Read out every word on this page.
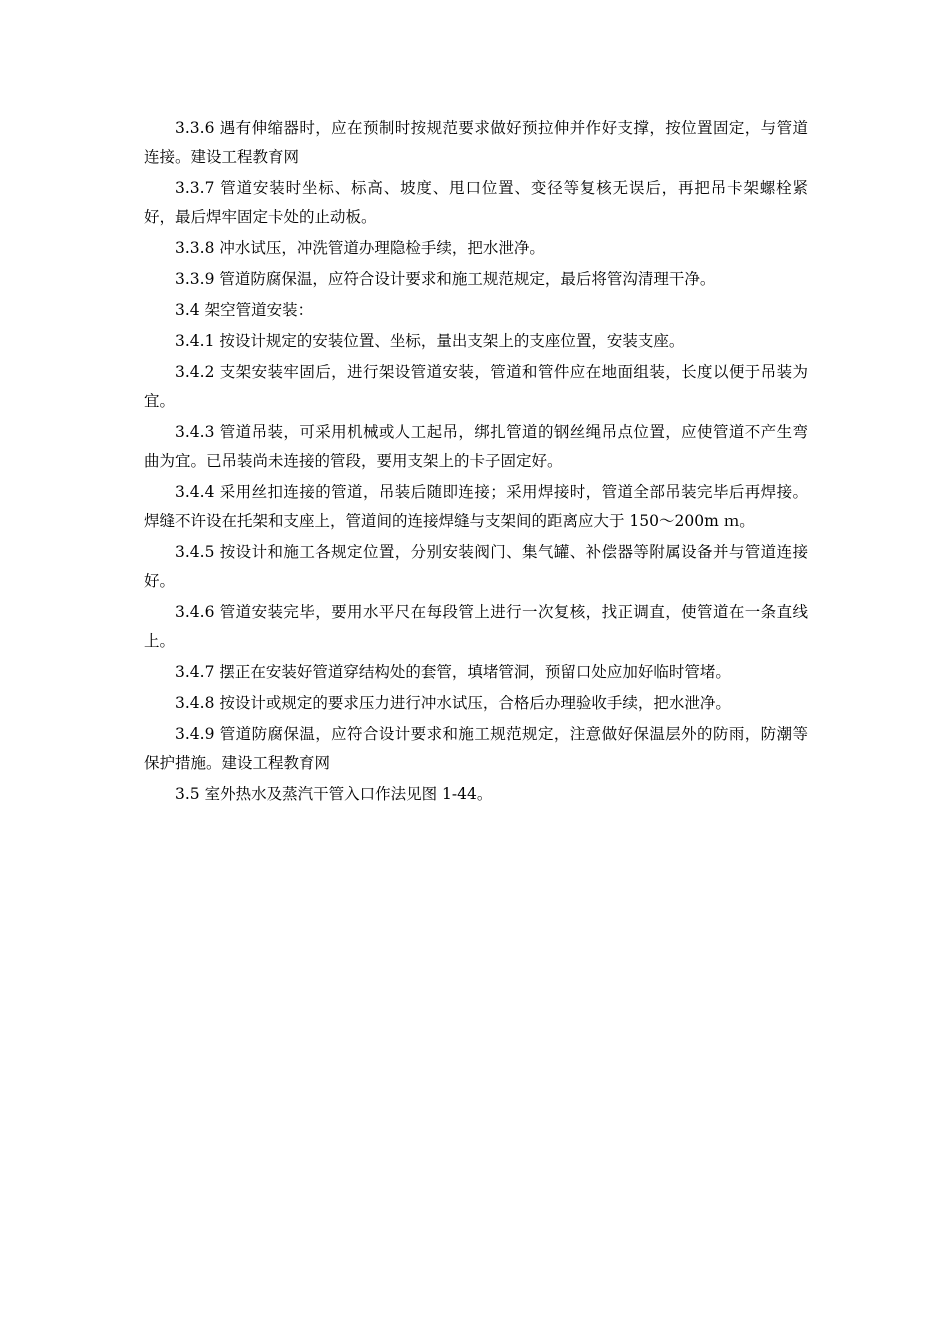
3.3.6 遇有伸缩器时，应在预制时按规范要求做好预拉伸并作好支撑，按位置固定，与管道连接。建设工程教育网

3.3.7 管道安装时坐标、标高、坡度、甩口位置、变径等复核无误后，再把吊卡架螺栓紧好，最后焊牢固定卡处的止动板。

3.3.8 冲水试压，冲洗管道办理隐检手续，把水泄净。

3.3.9 管道防腐保温，应符合设计要求和施工规范规定，最后将管沟清理干净。

3.4 架空管道安装：

3.4.1 按设计规定的安装位置、坐标，量出支架上的支座位置，安装支座。

3.4.2 支架安装牢固后，进行架设管道安装，管道和管件应在地面组装，长度以便于吊装为宜。

3.4.3 管道吊装，可采用机械或人工起吊，绑扎管道的钢丝绳吊点位置，应使管道不产生弯曲为宜。已吊装尚未连接的管段，要用支架上的卡子固定好。

3.4.4 采用丝扣连接的管道，吊装后随即连接；采用焊接时，管道全部吊装完毕后再焊接。焊缝不许设在托架和支座上，管道间的连接焊缝与支架间的距离应大于 150～200m ｍ。

3.4.5 按设计和施工各规定位置，分别安装阀门、集气罐、补偿器等附属设备并与管道连接好。

3.4.6 管道安装完毕，要用水平尺在每段管上进行一次复核，找正调直，使管道在一条直线上。

3.4.7 摆正在安装好管道穿结构处的套管，填堵管洞，预留口处应加好临时管堵。

3.4.8 按设计或规定的要求压力进行冲水试压，合格后办理验收手续，把水泄净。

3.4.9 管道防腐保温，应符合设计要求和施工规范规定，注意做好保温层外的防雨，防潮等保护措施。建设工程教育网

3.5 室外热水及蒸汽干管入口作法见图 1-44。
